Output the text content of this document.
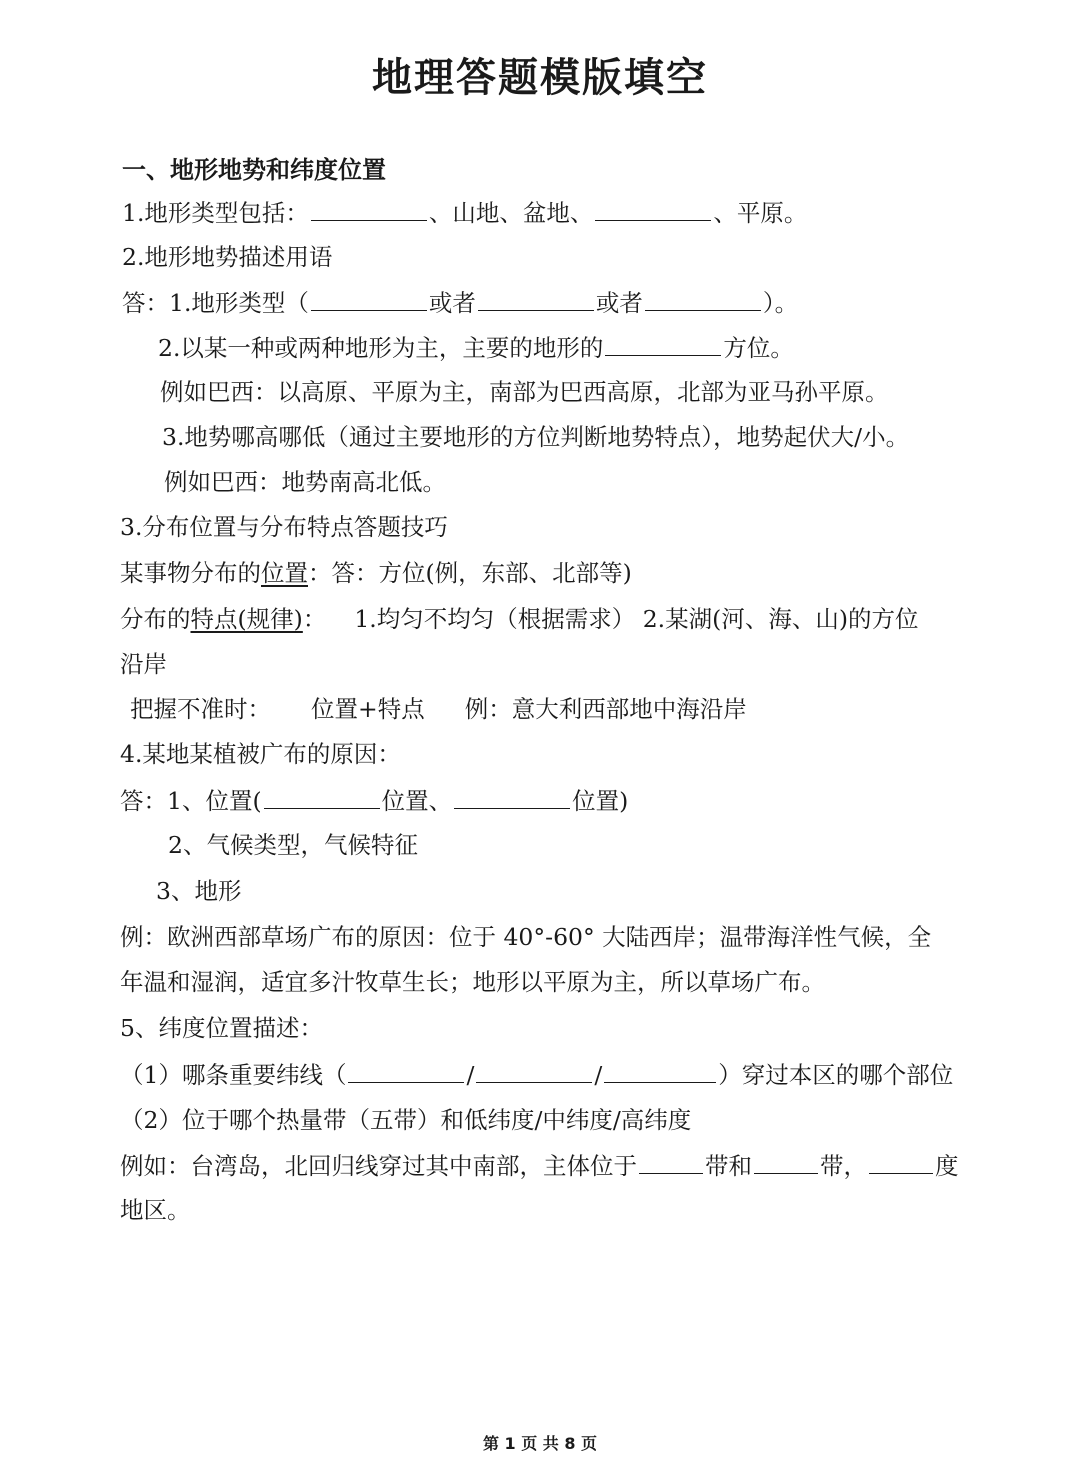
地理答题模版填空
一、地形地势和纬度位置
1.地形类型包括：	、山地、盆地、	、平原。
2.地形地势描述用语
答：1.地形类型（	或者	或者	）。
2.以某一种或两种地形为主，主要的地形的	方位。
例如巴西：以高原、平原为主，南部为巴西高原，北部为亚马孙平原。
3.地势哪高哪低（通过主要地形的方位判断地势特点），地势起伏大/小。
例如巴西：地势南高北低。
3.分布位置与分布特点答题技巧
某事物分布的位置：答：方位(例，东部、北部等)
分布的特点(规律)： 1.均匀不均匀（根据需求） 2.某湖(河、海、山)的方位
沿岸
把握不准时： 位置+特点 例：意大利西部地中海沿岸
4.某地某植被广布的原因：
答：1、位置(	位置、	位置)
2、气候类型，气候特征
3、地形
例：欧洲西部草场广布的原因：位于 40°-60° 大陆西岸；温带海洋性气候，全
年温和湿润，适宜多汁牧草生长；地形以平原为主，所以草场广布。
5、纬度位置描述：
（1）哪条重要纬线（	/	/	）穿过本区的哪个部位
（2）位于哪个热量带（五带）和低纬度/中纬度/高纬度
例如：台湾岛，北回归线穿过其中南部，主体位于	带和	带，	度
地区。
第 1 页 共 8 页
